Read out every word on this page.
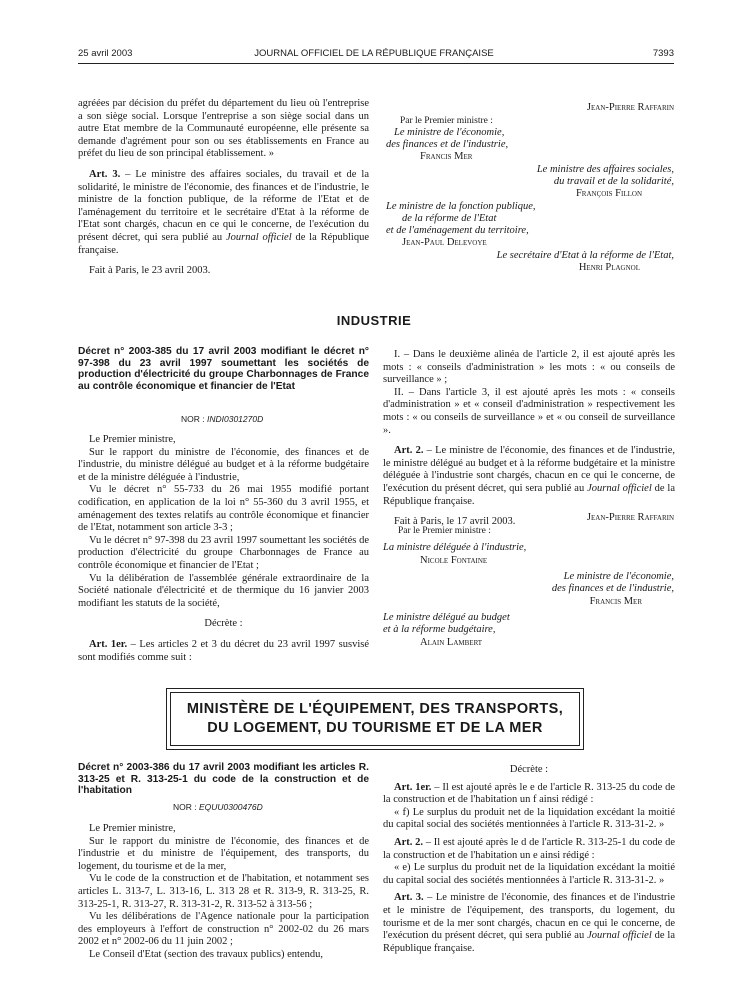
25 avril 2003	JOURNAL OFFICIEL DE LA RÉPUBLIQUE FRANÇAISE	7393

agréées par décision du préfet du département du lieu où l'entreprise a son siège social. Lorsque l'entreprise a son siège social dans un autre Etat membre de la Communauté européenne, elle présente sa demande d'agrément pour son ou ses établissements en France au préfet du lieu de son principal établissement. »

Art. 3. – Le ministre des affaires sociales, du travail et de la solidarité, le ministre de l'économie, des finances et de l'industrie, le ministre de la fonction publique, de la réforme de l'Etat et de l'aménagement du territoire et le secrétaire d'Etat à la réforme de l'Etat sont chargés, chacun en ce qui le concerne, de l'exécution du présent décret, qui sera publié au Journal officiel de la République française.

Fait à Paris, le 23 avril 2003.

Jean-Pierre Raffarin
Par le Premier ministre :
Le ministre de l'économie,
des finances et de l'industrie,
Francis Mer
Le ministre des affaires sociales,
du travail et de la solidarité,
François Fillon
Le ministre de la fonction publique,
de la réforme de l'Etat
et de l'aménagement du territoire,
Jean-Paul Delevoye
Le secrétaire d'Etat à la réforme de l'Etat,
Henri Plagnol
INDUSTRIE
Décret n° 2003-385 du 17 avril 2003 modifiant le décret n° 97-398 du 23 avril 1997 soumettant les sociétés de production d'électricité du groupe Charbonnages de France au contrôle économique et financier de l'Etat
NOR : INDI0301270D

Le Premier ministre,

Sur le rapport du ministre de l'économie, des finances et de l'industrie, du ministre délégué au budget et à la réforme budgétaire et de la ministre déléguée à l'industrie,

Vu le décret n° 55-733 du 26 mai 1955 modifié portant codification, en application de la loi n° 55-360 du 3 avril 1955, et aménagement des textes relatifs au contrôle économique et financier de l'Etat, notamment son article 3-3 ;

Vu le décret n° 97-398 du 23 avril 1997 soumettant les sociétés de production d'électricité du groupe Charbonnages de France au contrôle économique et financier de l'Etat ;

Vu la délibération de l'assemblée générale extraordinaire de la Société nationale d'électricité et de thermique du 16 janvier 2003 modifiant les statuts de la société,

Décrète :

Art. 1er. – Les articles 2 et 3 du décret du 23 avril 1997 susvisé sont modifiés comme suit :

I. – Dans le deuxième alinéa de l'article 2, il est ajouté après les mots : « conseils d'administration » les mots : « ou conseils de surveillance » ;

II. – Dans l'article 3, il est ajouté après les mots : « conseils d'administration » et « conseil d'administration » respectivement les mots : « ou conseils de surveillance » et « ou conseil de surveillance ».

Art. 2. – Le ministre de l'économie, des finances et de l'industrie, le ministre délégué au budget et à la réforme budgétaire et la ministre déléguée à l'industrie sont chargés, chacun en ce qui le concerne, de l'exécution du présent décret, qui sera publié au Journal officiel de la République française.

Fait à Paris, le 17 avril 2003.	Jean-Pierre Raffarin
Par le Premier ministre :
La ministre déléguée à l'industrie,
Nicole Fontaine
Le ministre de l'économie,
des finances et de l'industrie,
Francis Mer
Le ministre délégué au budget
et à la réforme budgétaire,
Alain Lambert
MINISTÈRE DE L'ÉQUIPEMENT, DES TRANSPORTS,
DU LOGEMENT, DU TOURISME ET DE LA MER
Décret n° 2003-386 du 17 avril 2003 modifiant les articles R. 313-25 et R. 313-25-1 du code de la construction et de l'habitation
NOR : EQUU0300476D

Le Premier ministre,

Sur le rapport du ministre de l'économie, des finances et de l'industrie et du ministre de l'équipement, des transports, du logement, du tourisme et de la mer,

Vu le code de la construction et de l'habitation, et notamment ses articles L. 313-7, L. 313-16, L. 313 28 et R. 313-9, R. 313-25, R. 313-25-1, R. 313-27, R. 313-31-2, R. 313-52 à 313-56 ;

Vu les délibérations de l'Agence nationale pour la participation des employeurs à l'effort de construction n° 2002-02 du 26 mars 2002 et n° 2002-06 du 11 juin 2002 ;

Le Conseil d'Etat (section des travaux publics) entendu,

Décrète :

Art. 1er. – Il est ajouté après le e de l'article R. 313-25 du code de la construction et de l'habitation un f ainsi rédigé :

« f) Le surplus du produit net de la liquidation excédant la moitié du capital social des sociétés mentionnées à l'article R. 313-31-2. »

Art. 2. – Il est ajouté après le d de l'article R. 313-25-1 du code de la construction et de l'habitation un e ainsi rédigé :

« e) Le surplus du produit net de la liquidation excédant la moitié du capital social des sociétés mentionnées à l'article R. 313-31-2. »

Art. 3. – Le ministre de l'économie, des finances et de l'industrie et le ministre de l'équipement, des transports, du logement, du tourisme et de la mer sont chargés, chacun en ce qui le concerne, de l'exécution du présent décret, qui sera publié au Journal officiel de la République française.
